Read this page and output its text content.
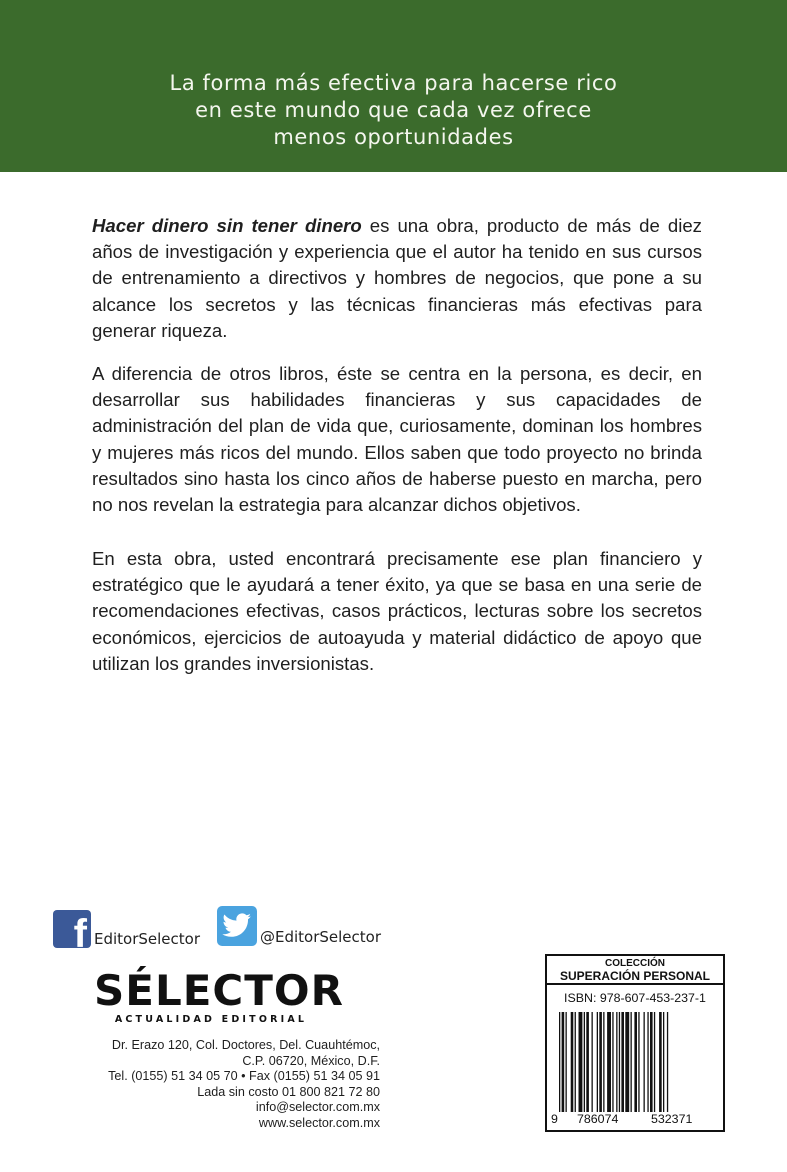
La forma más efectiva para hacerse rico
en este mundo que cada vez ofrece
menos oportunidades
Hacer dinero sin tener dinero es una obra, producto de más de diez años de investigación y experiencia que el autor ha tenido en sus cursos de entrenamiento a directivos y hombres de negocios, que pone a su alcance los secretos y las técnicas financieras más efectivas para generar riqueza.
A diferencia de otros libros, éste se centra en la persona, es decir, en desarrollar sus habilidades financieras y sus capacidades de administración del plan de vida que, curiosamente, dominan los hombres y mujeres más ricos del mundo. Ellos saben que todo proyecto no brinda resultados sino hasta los cinco años de haberse puesto en marcha, pero no nos revelan la estrategia para alcanzar dichos objetivos.
En esta obra, usted encontrará precisamente ese plan financiero y estratégico que le ayudará a tener éxito, ya que se basa en una serie de recomendaciones efectivas, casos prácticos, lecturas sobre los secretos económicos, ejercicios de autoayuda y material didáctico de apoyo que utilizan los grandes inversionistas.
f EditorSelector	@EditorSelector
SÉLECTOR
ACTUALIDAD EDITORIAL
Dr. Erazo 120, Col. Doctores, Del. Cuauhtémoc,
C.P. 06720, México, D.F.
Tel. (0155) 51 34 05 70 • Fax (0155) 51 34 05 91
Lada sin costo 01 800 821 72 80
info@selector.com.mx
www.selector.com.mx
COLECCIÓN
SUPERACIÓN PERSONAL
ISBN: 978-607-453-237-1
9 786074	532371
